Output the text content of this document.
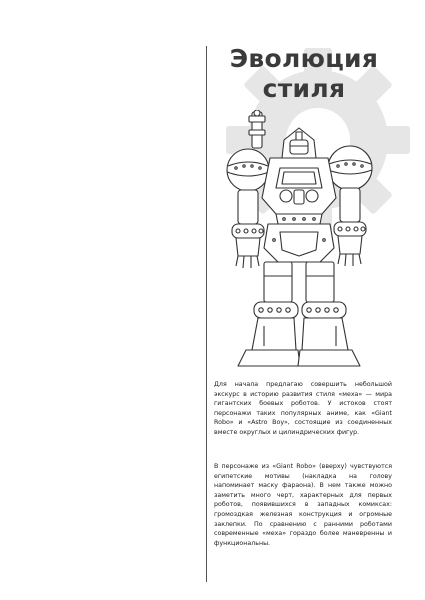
Эволюция
стиля

Для начала предлагаю совершить небольшой экскурс в историю развития стиля «меха» — мира гигантских боевых роботов. У истоков стоят персонажи таких популярных аниме, как «Giant Robo» и «Astro Boy», состоящие из соединенных вместе округлых и цилиндрических фигур.

В персонаже из «Giant Robo» (вверху) чувствуются египетские мотивы (накладка на голову напоминает маску фараона). В нем также можно заметить много черт, характерных для первых роботов, появившихся в западных комиксах: громоздкая железная конструкция и огромные заклепки. По сравнению с ранними роботами современные «меха» гораздо более маневренны и функциональны.
